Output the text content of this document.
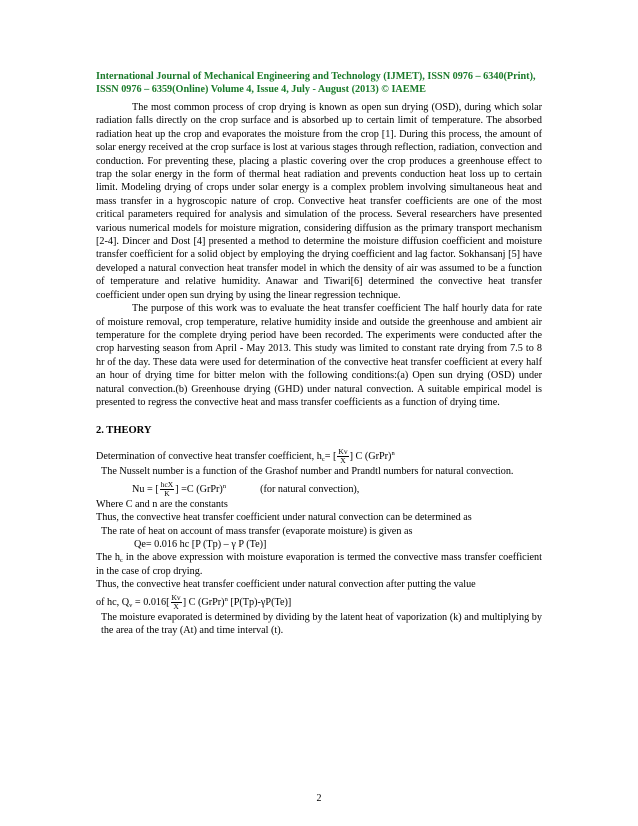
International Journal of Mechanical Engineering and Technology (IJMET), ISSN 0976 – 6340(Print), ISSN 0976 – 6359(Online) Volume 4, Issue 4, July - August (2013) © IAEME

The most common process of crop drying is known as open sun drying (OSD), during which solar radiation falls directly on the crop surface and is absorbed up to certain limit of temperature. The absorbed radiation heat up the crop and evaporates the moisture from the crop [1]. During this process, the amount of solar energy received at the crop surface is lost at various stages through reflection, radiation, convection and conduction. For preventing these, placing a plastic covering over the crop produces a greenhouse effect to trap the solar energy in the form of thermal heat radiation and prevents conduction heat loss up to certain limit. Modeling drying of crops under solar energy is a complex problem involving simultaneous heat and mass transfer in a hygroscopic nature of crop. Convective heat transfer coefficients are one of the most critical parameters required for analysis and simulation of the process. Several researchers have presented various numerical models for moisture migration, considering diffusion as the primary transport mechanism [2-4]. Dincer and Dost [4] presented a method to determine the moisture diffusion coefficient and moisture transfer coefficient for a solid object by employing the drying coefficient and lag factor. Sokhansanj [5] have developed a natural convection heat transfer model in which the density of air was assumed to be a function of temperature and relative humidity. Anawar and Tiwari[6] determined the convective heat transfer coefficient under open sun drying by using the linear regression technique.

The purpose of this work was to evaluate the heat transfer coefficient The half hourly data for rate of moisture removal, crop temperature, relative humidity inside and outside the greenhouse and ambient air temperature for the complete drying period have been recorded. The experiments were conducted after the crop harvesting season from April - May 2013. This study was limited to constant rate drying from 7.5 to 8 hr of the day. These data were used for determination of the convective heat transfer coefficient at every half an hour of drying time for bitter melon with the following conditions:(a) Open sun drying (OSD) under natural convection.(b) Greenhouse drying (GHD) under natural convection. A suitable empirical model is presented to regress the convective heat and mass transfer coefficients as a function of drying time.

2. THEORY
Determination of convective heat transfer coefficient, $h_c=$ [ $\frac{Kv}{X}$ ] C (GrPr)$^n$

The Nusselt number is a function of the Grashof number and Prandtl numbers for natural convection.

Nu = [ $\frac{\text{hcX}}{K}$ ] =C (GrPr)$^n$	(for natural convection),

Where C and n are the constants

Thus, the convective heat transfer coefficient under natural convection can be determined as

The rate of heat on account of mass transfer (evaporate moisture) is given as

Qe= 0.016 hc [P (Tp) – γ P (Te)]

The $h_c$ in the above expression with moisture evaporation is termed the convective mass transfer coefficient in the case of crop drying.

Thus, the convective heat transfer coefficient under natural convection after putting the value

of hc, $Q_v = 0.016[ \frac{Kv}{X}$ ] C (GrPr)$^n$ [P(Tp)-γP(Te)]

The moisture evaporated is determined by dividing by the latent heat of vaporization (k) and multiplying by the area of the tray (At) and time interval (t).

2
